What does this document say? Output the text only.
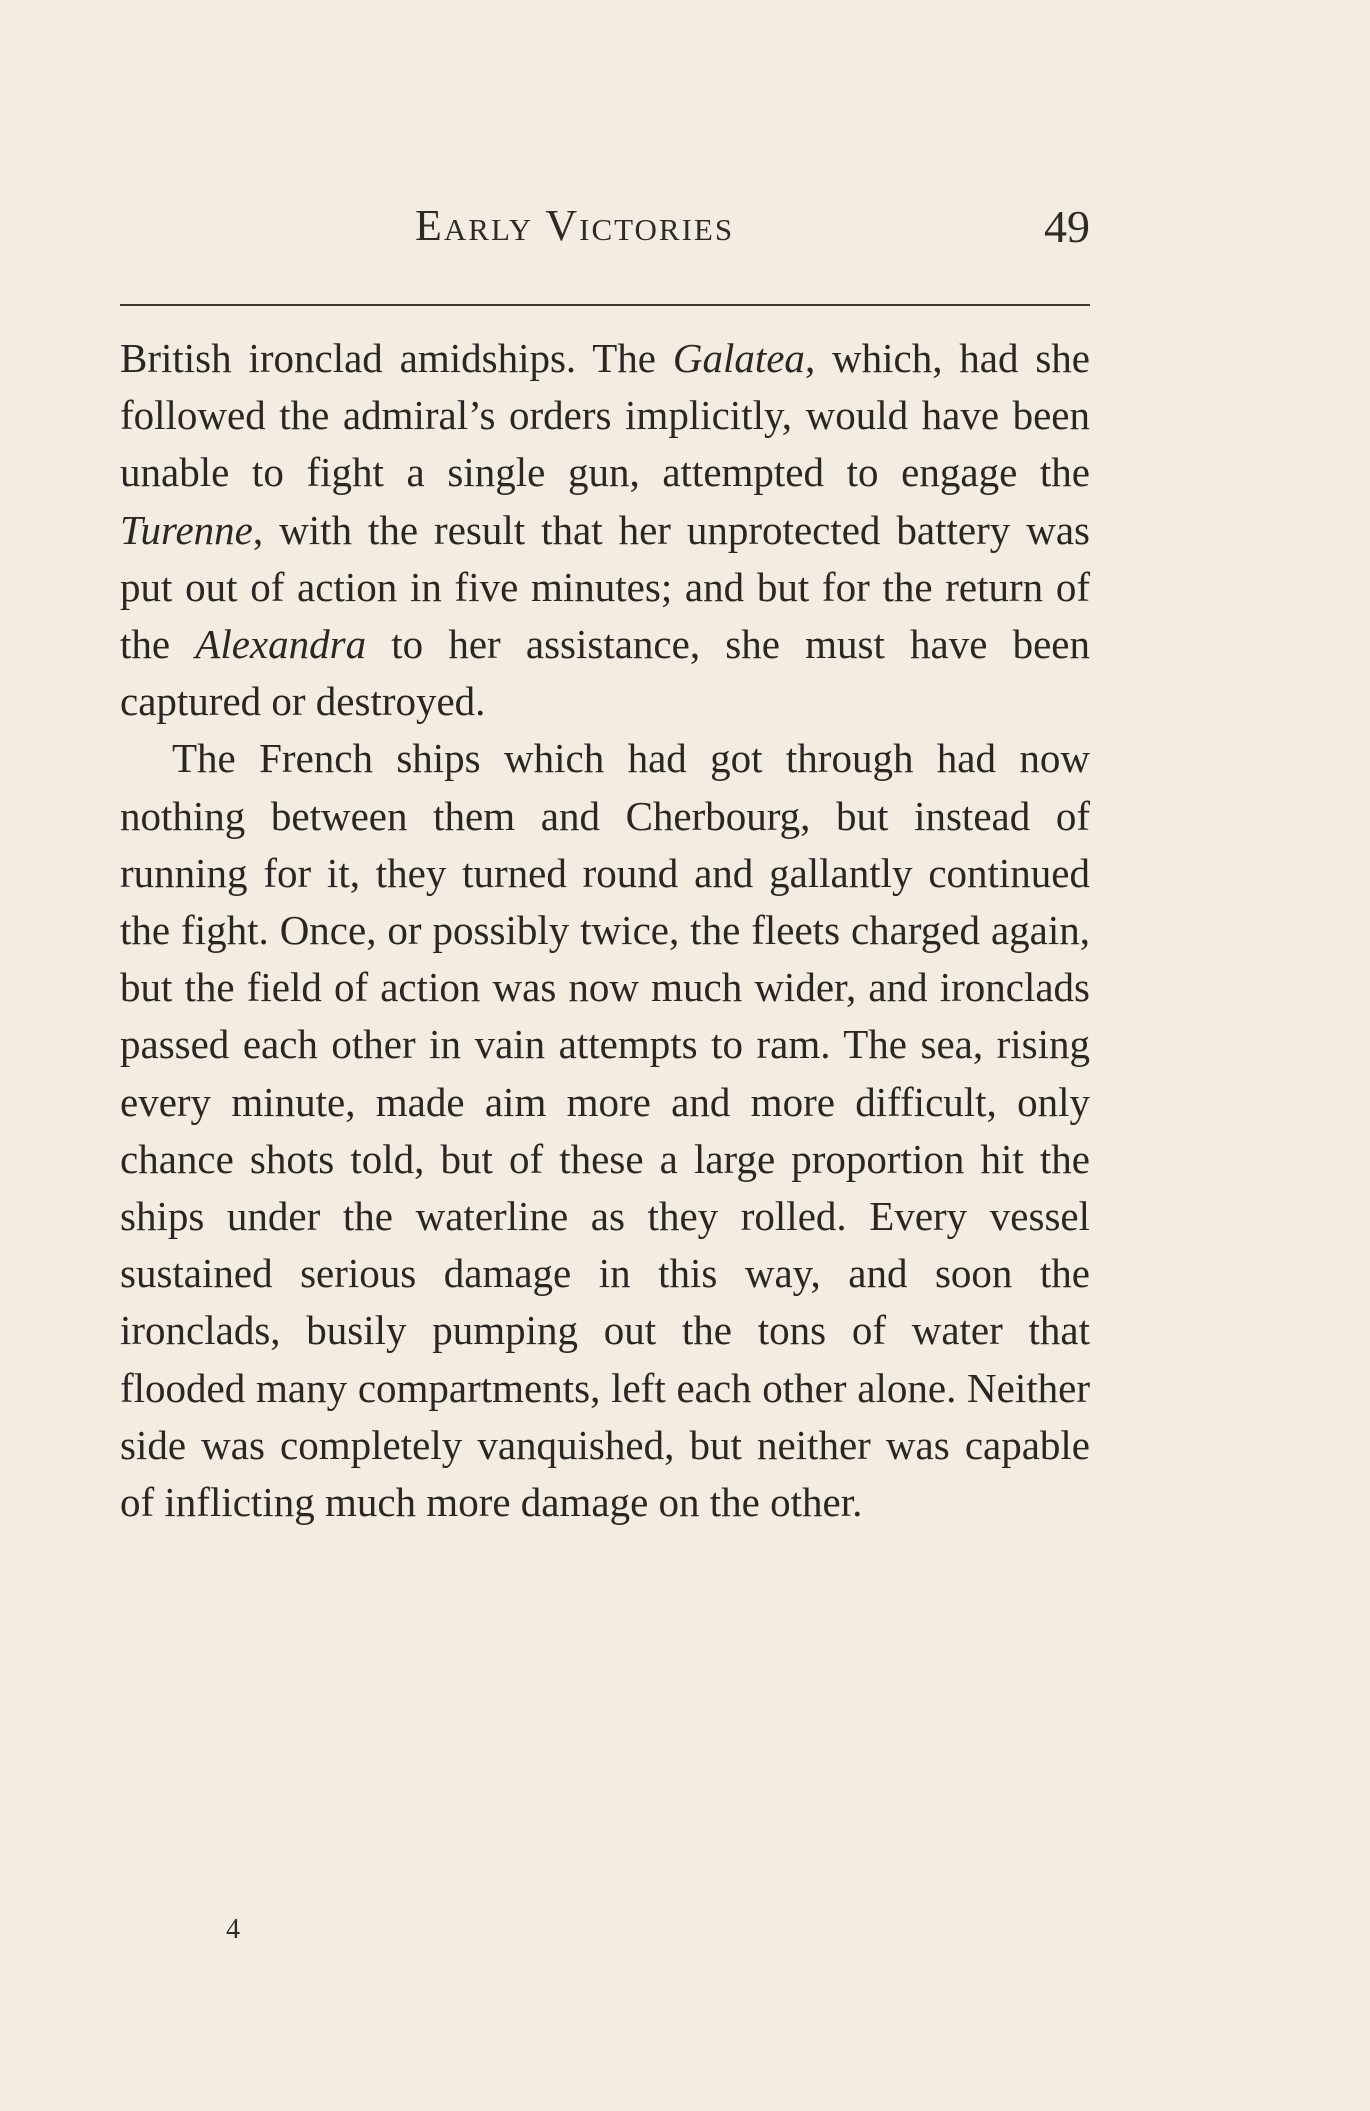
Early Victories	49

British ironclad amidships. The Galatea, which, had she followed the admiral’s orders implicitly, would have been unable to fight a single gun, attempted to engage the Turenne, with the result that her unprotected battery was put out of action in five minutes; and but for the return of the Alexandra to her assistance, she must have been captured or destroyed.

The French ships which had got through had now nothing between them and Cherbourg, but instead of running for it, they turned round and gallantly continued the fight. Once, or possibly twice, the fleets charged again, but the field of action was now much wider, and ironclads passed each other in vain attempts to ram. The sea, rising every minute, made aim more and more difficult, only chance shots told, but of these a large proportion hit the ships under the waterline as they rolled. Every vessel sustained serious damage in this way, and soon the ironclads, busily pumping out the tons of water that flooded many compartments, left each other alone. Neither side was completely vanquished, but neither was capable of inflicting much more damage on the other.

4
